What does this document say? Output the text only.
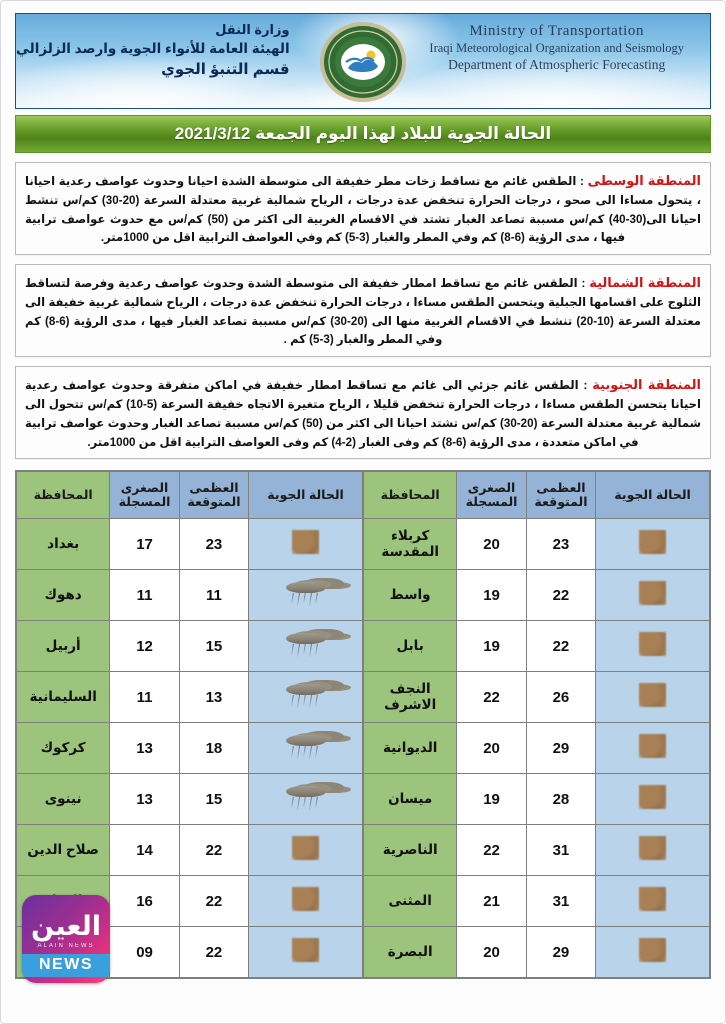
Ministry of Transportation
Iraqi Meteorological Organization and Seismology
Department of Atmospheric Forecasting
وزارة النقل
الهيئة العامة للأنواء الجوية وارصد الزلزالي
قسم التنبؤ الجوي
الحالة الجوية للبلاد لهذا اليوم الجمعة 2021/3/12

المنطقة الوسطى : الطقس غائم مع تساقط زخات مطر خفيفة الى متوسطة الشدة احيانا وحدوث عواصف رعدية احيانا ، يتحول مساءا الى صحو ، درجات الحرارة تنخفض عدة درجات ، الرياح شمالية غربية معتدلة السرعة (20-30) كم/س تنشط احيانا الى(30-40) كم/س مسببة تصاعد الغبار تشتد في الاقسام الغربية الى اكثر من (50) كم/س مع حدوث عواصف ترابية فيها ، مدى الرؤية (6-8) كم وفي المطر والغبار (3-5) كم وفي العواصف الترابية اقل من 1000متر.

المنطقة الشمالية : الطقس غائم مع تساقط امطار خفيفة الى متوسطة الشدة وحدوث عواصف رعدية وفرصة لتساقط الثلوج على اقسامها الجبلية ويتحسن الطقس مساءا ، درجات الحرارة تنخفض عدة درجات ، الرياح شمالية غربية خفيفة الى معتدلة السرعة (10-20) تنشط في الاقسام الغربية منها الى (20-30) كم/س مسببة تصاعد الغبار فيها ، مدى الرؤية (6-8) كم وفي المطر والغبار (3-5) كم .

المنطقة الجنوبية : الطقس غائم جزئي الى غائم مع تساقط امطار خفيفة في اماكن متفرقة وحدوث عواصف رعدية احيانا يتحسن الطقس مساءا ، درجات الحرارة تنخفض قليلا ، الرياح متغيرة الاتجاه خفيفة السرعة (5-10) كم/س تتحول الى شمالية غربية معتدلة السرعة (20-30) كم/س تشتد احيانا الى اكثر من (50) كم/س مسببة تصاعد الغبار وحدوث عواصف ترابية في اماكن متعددة ، مدى الرؤية (6-8) كم وفى الغبار (2-4) كم وفى العواصف الترابية اقل من 1000متر.

الحالة الجوية	العظمى المتوقعة	الصغرى المسجلة	المحافظة
	23	20	كربلاء المقدسة
	22	19	واسط
	22	19	بابل
	26	22	النجف الاشرف
	29	20	الديوانية
	28	19	ميسان
	31	22	الناصرية
	31	21	المثنى
	29	20	البصرة
الحالة الجوية	العظمى المتوقعة	الصغرى المسجلة	المحافظة
	23	17	بغداد

	11	11	دهوك

	15	12	أربيل

	13	11	السليمانية

	18	13	كركوك

	15	13	نينوى
	22	14	صلاح الدين
	22	16	
	22	09	
العين
ALAIN NEWS
NEWS
